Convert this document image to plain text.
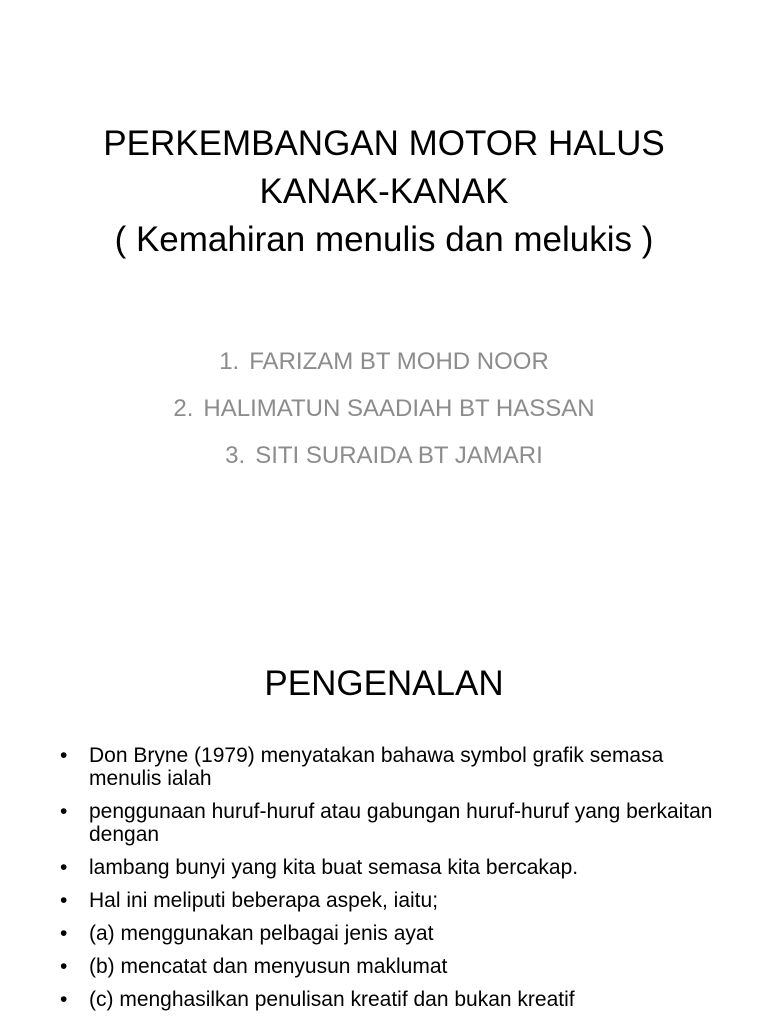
PERKEMBANGAN MOTOR HALUS
KANAK-KANAK
( Kemahiran menulis dan melukis )
1. FARIZAM BT MOHD NOOR
2. HALIMATUN SAADIAH BT HASSAN
3. SITI SURAIDA BT JAMARI
PENGENALAN
• Don Bryne (1979) menyatakan bahawa symbol grafik semasa menulis ialah
• penggunaan huruf-huruf atau gabungan huruf-huruf yang berkaitan dengan
• lambang bunyi yang kita buat semasa kita bercakap.
• Hal ini meliputi beberapa aspek, iaitu;
• (a) menggunakan pelbagai jenis ayat
• (b) mencatat dan menyusun maklumat
• (c) menghasilkan penulisan kreatif dan bukan kreatif
